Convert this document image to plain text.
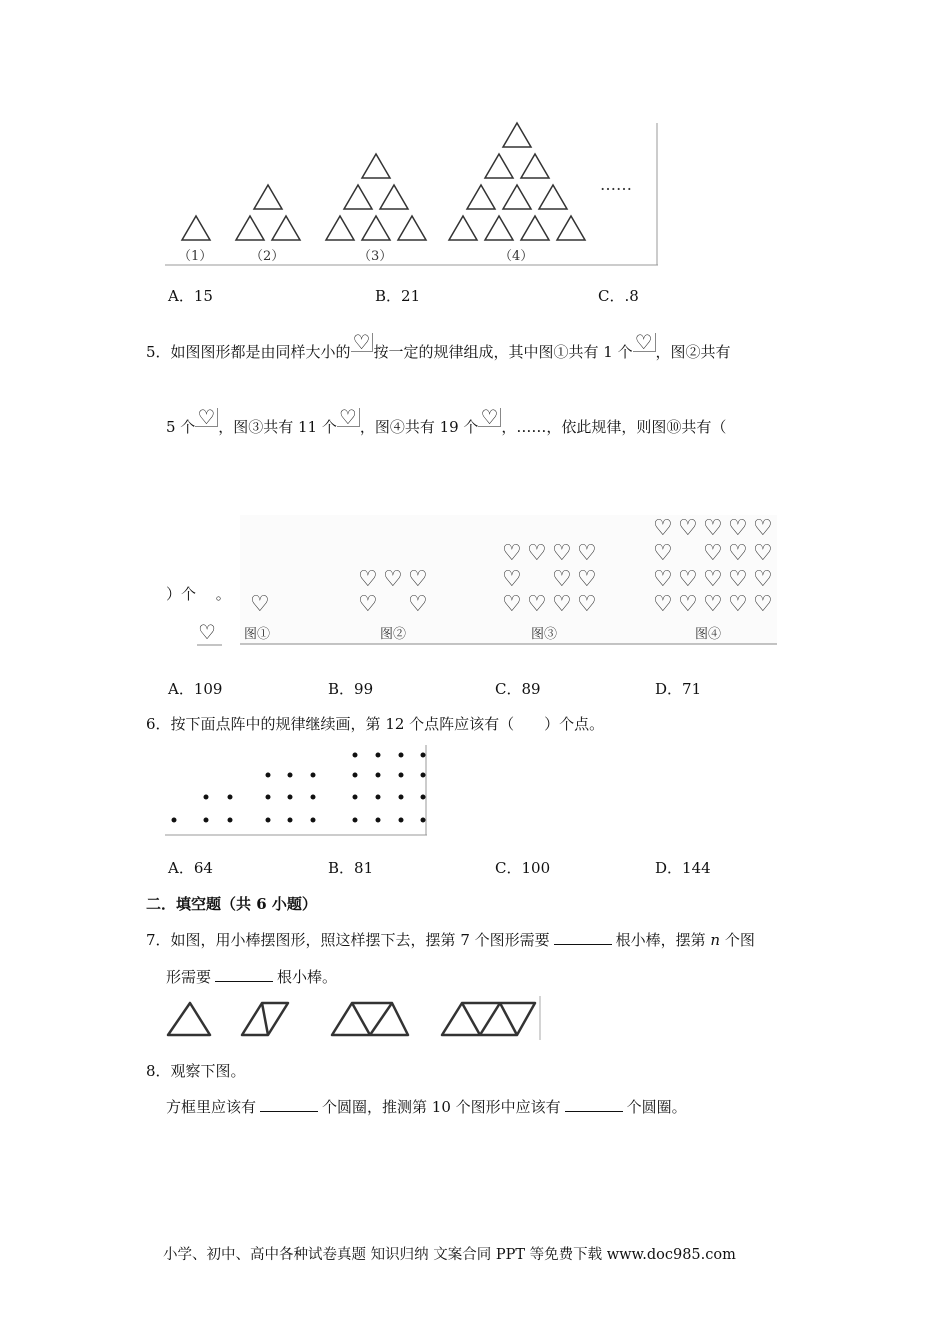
（1）	（2）	（3）	（4）
……
♡
♡ ♡ ♡
♡ ♡
♡
♡
♡
♡
♡
♡
♡
♡
♡
♡
♡
♡
♡
♡
♡
♡
♡
♡
♡
♡
♡
♡
♡
♡
♡
♡
♡
♡
♡
♡
图①	图②	图③	图④
A．15	B．21	C．.8
5．如图图形都是由同样大小的 ♡ 按一定的规律组成，其中图①共有 1 个 ♡ ，图②共有
5 个 ♡ ，图③共有 11 个 ♡ ，图④共有 19 个 ♡ ，……，依此规律，则图⑩共有（
）个　 。
♡
A．109	B．99	C．89	D．71
6．按下面点阵中的规律继续画，第 12 个点阵应该有（　　）个点。
A．64	B．81	C．100	D．144
二．填空题（共 6 小题）
7．如图，用小棒摆图形，照这样摆下去，摆第 7 个图形需要	根小棒，摆第 n 个图
形需要	根小棒。
8．观察下图。
方框里应该有	个圆圈，推测第 10 个图形中应该有	个圆圈。
小学、初中、高中各种试卷真题 知识归纳 文案合同 PPT 等免费下载 www.doc985.com
